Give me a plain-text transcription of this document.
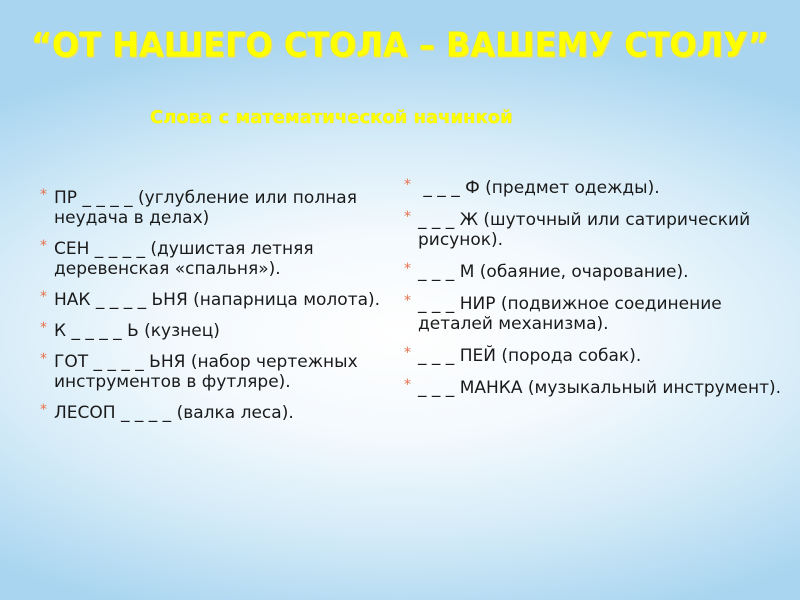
“ОТ НАШЕГО СТОЛА – ВАШЕМУ СТОЛУ”
Слова с математической начинкой
* ПР _ _ _ _ (углубление или полная неудача в делах)
* СЕН _ _ _ _ (душистая летняя деревенская «спальня»).
* НАК _ _ _ _ ЬНЯ (напарница молота).
* К _ _ _ _ Ь (кузнец)
* ГОТ _ _ _ _ ЬНЯ (набор чертежных инструментов в футляре).
* ЛЕСОП _ _ _ _ (валка леса).
* _ _ _ Ф (предмет одежды).
* _ _ _ Ж (шуточный или сатирический рисунок).
* _ _ _ М (обаяние, очарование).
* _ _ _ НИР (подвижное соединение деталей механизма).
* _ _ _ ПЕЙ (порода собак).
* _ _ _ МАНКА (музыкальный инструмент).
